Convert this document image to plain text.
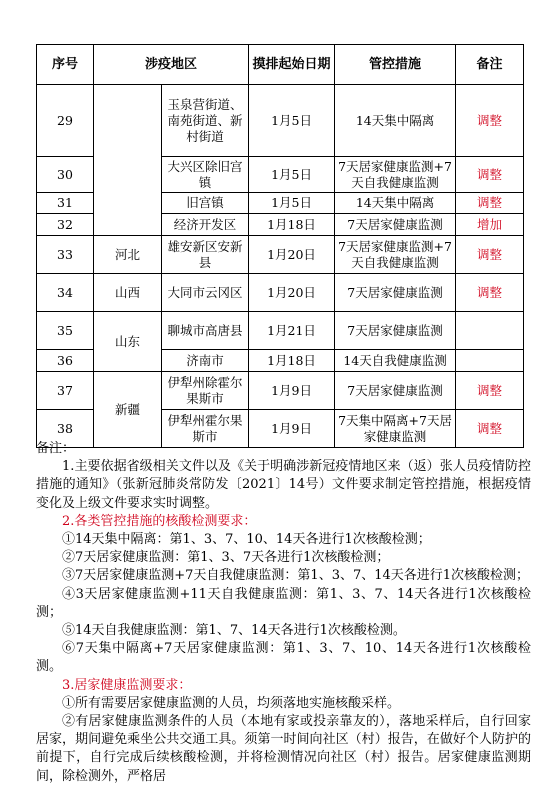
序号	涉疫地区		摸排起始日期	管控措施	备注
29		玉泉营街道、南苑街道、新村街道	1月5日	14天集中隔离	调整
30		大兴区除旧宫镇	1月5日	7天居家健康监测+7天自我健康监测	调整
31		旧宫镇	1月5日	14天集中隔离	调整
32		经济开发区	1月18日	7天居家健康监测	增加
33	河北	雄安新区安新县	1月20日	7天居家健康监测+7天自我健康监测	调整
34	山西	大同市云冈区	1月20日	7天居家健康监测	调整
35	山东	聊城市高唐县	1月21日	7天居家健康监测	
36		济南市	1月18日	14天自我健康监测	
37	新疆	伊犁州除霍尔果斯市	1月9日	7天居家健康监测	调整
38		伊犁州霍尔果斯市	1月9日	7天集中隔离+7天居家健康监测	调整

备注：

1.主要依据省级相关文件以及《关于明确涉新冠疫情地区来（返）张人员疫情防控措施的通知》（张新冠肺炎常防发〔2021〕14号）文件要求制定管控措施，根据疫情变化及上级文件要求实时调整。

2.各类管控措施的核酸检测要求：

①14天集中隔离：第1、3、7、10、14天各进行1次核酸检测；

②7天居家健康监测：第1、3、7天各进行1次核酸检测；

③7天居家健康监测+7天自我健康监测：第1、3、7、14天各进行1次核酸检测；

④3天居家健康监测+11天自我健康监测：第1、3、7、14天各进行1次核酸检测；

⑤14天自我健康监测：第1、7、14天各进行1次核酸检测。

⑥7天集中隔离+7天居家健康监测：第1、3、7、10、14天各进行1次核酸检测。

3.居家健康监测要求：

①所有需要居家健康监测的人员，均须落地实施核酸采样。

②有居家健康监测条件的人员（本地有家或投亲靠友的），落地采样后，自行回家居家，期间避免乘坐公共交通工具。须第一时间向社区（村）报告，在做好个人防护的前提下，自行完成后续核酸检测，并将检测情况向社区（村）报告。居家健康监测期间，除检测外，严格居
